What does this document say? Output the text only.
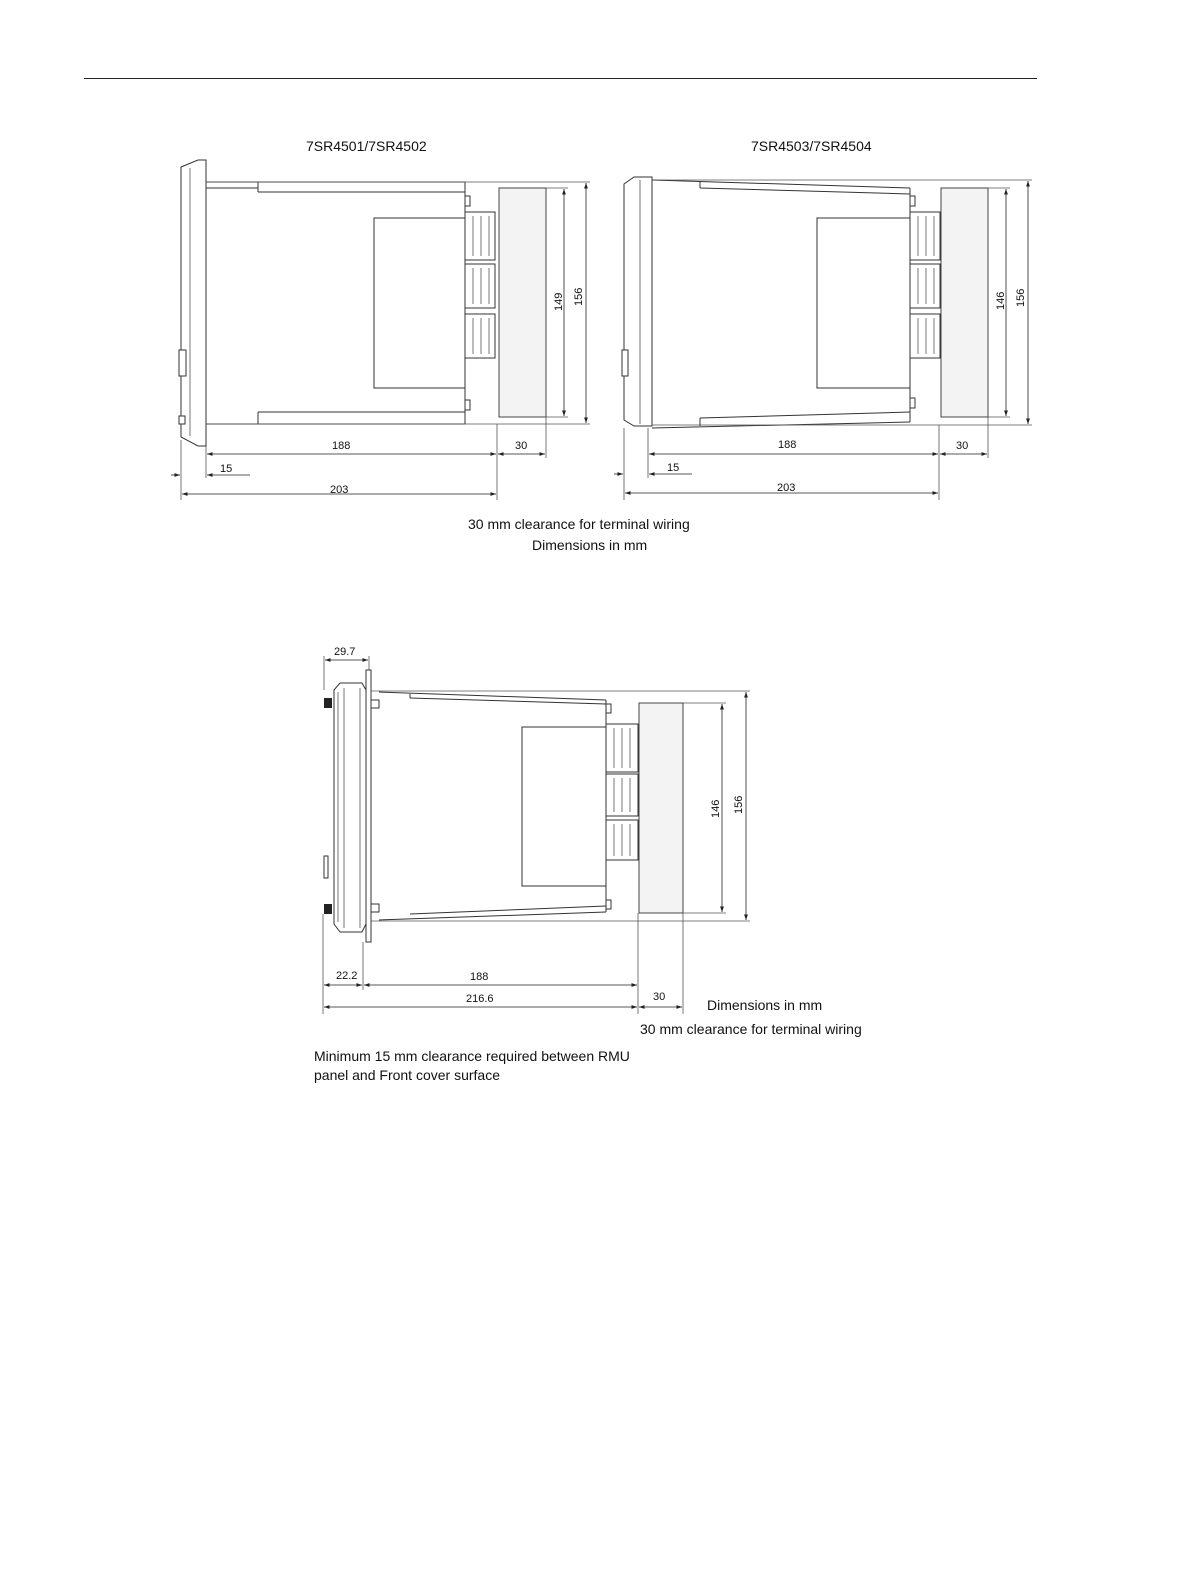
7SR4501/7SR4502	7SR4503/7SR4504
188	30
15
203
149 156
188	30
15
203
146 156
29.7
22.2	188
216.6	30
146 156
30 mm clearance for terminal wiring
Dimensions in mm
Dimensions in mm
30 mm clearance for terminal wiring
Minimum 15 mm clearance required between RMU
panel and Front cover surface
